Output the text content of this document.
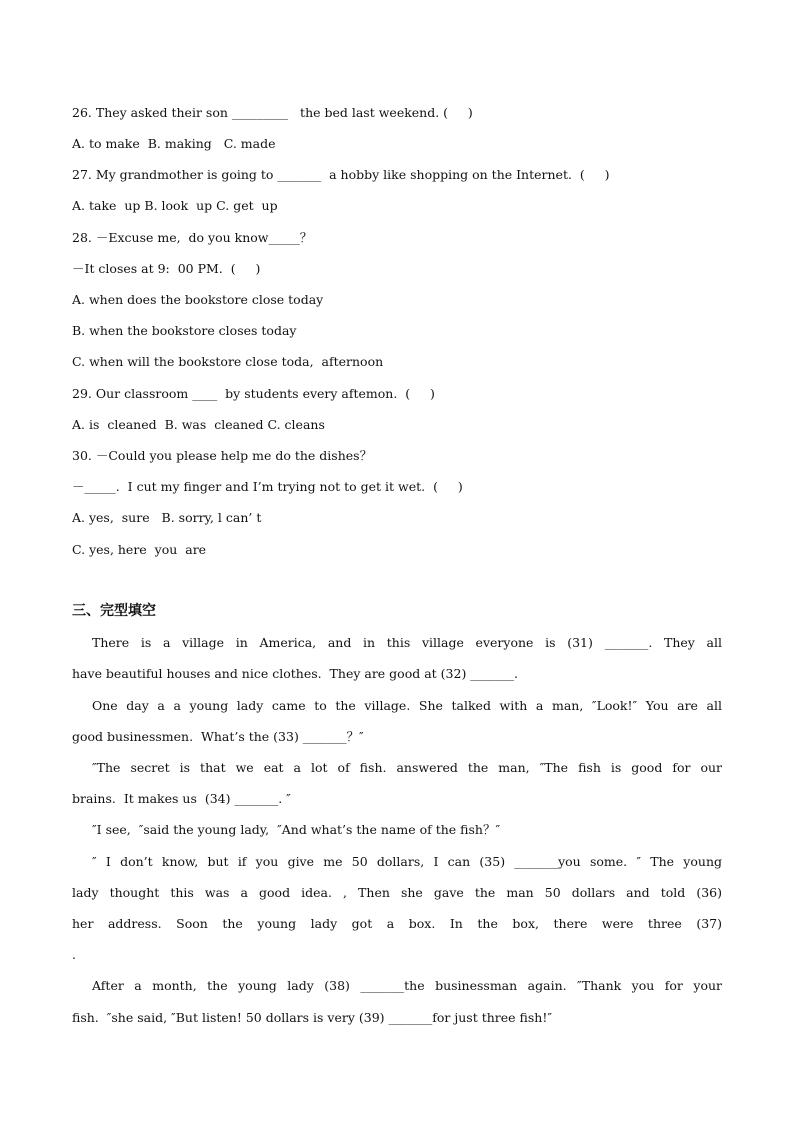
26. They asked their son _________   the bed last weekend. (     )
A. to make  B. making   C. made
27. My grandmother is going to _______  a hobby like shopping on the Internet.  (     )
A. take  up B. look  up C. get  up
28. －Excuse me,  do you know_____？
－It closes at 9:  00 PM.  (     )
A. when does the bookstore close today
B. when the bookstore closes today
C. when will the bookstore close toda,  afternoon
29. Our classroom ____  by students every aftemon.  (     )
A. is  cleaned  B. was  cleaned C. cleans
30. －Could you please help me do the dishes？
－_____.  I cut my finger and I’m trying not to get it wet.  (     )
A. yes,  sure   B. sorry, l can’ t
C. yes, here  you  are
三、完型填空
There is a village in America, and in this village everyone is (31) _______. They all
have beautiful houses and nice clothes.  They are good at (32) _______.
One day a a young lady came to the village. She talked with a man, ″Look!″ You are all
good businessmen.  What’s the (33) _______？″
″The secret is that we eat a lot of fish. answered the man, ″The fish is good for our
brains.  It makes us  (34) _______. ″
″I see,  ″said the young lady,  ″And what’s the name of the fish？″
″ I don’t know, but if you give me 50 dollars, I can (35) _______you some. ″ The young
lady thought this was a good idea. , Then she gave the man 50 dollars and told (36)
her address. Soon the young lady got a box. In the box, there were three (37)
.
After a month, the young lady (38) _______the businessman again. ″Thank you for your
fish.  ″she said, ″But listen! 50 dollars is very (39) _______for just three fish!″
